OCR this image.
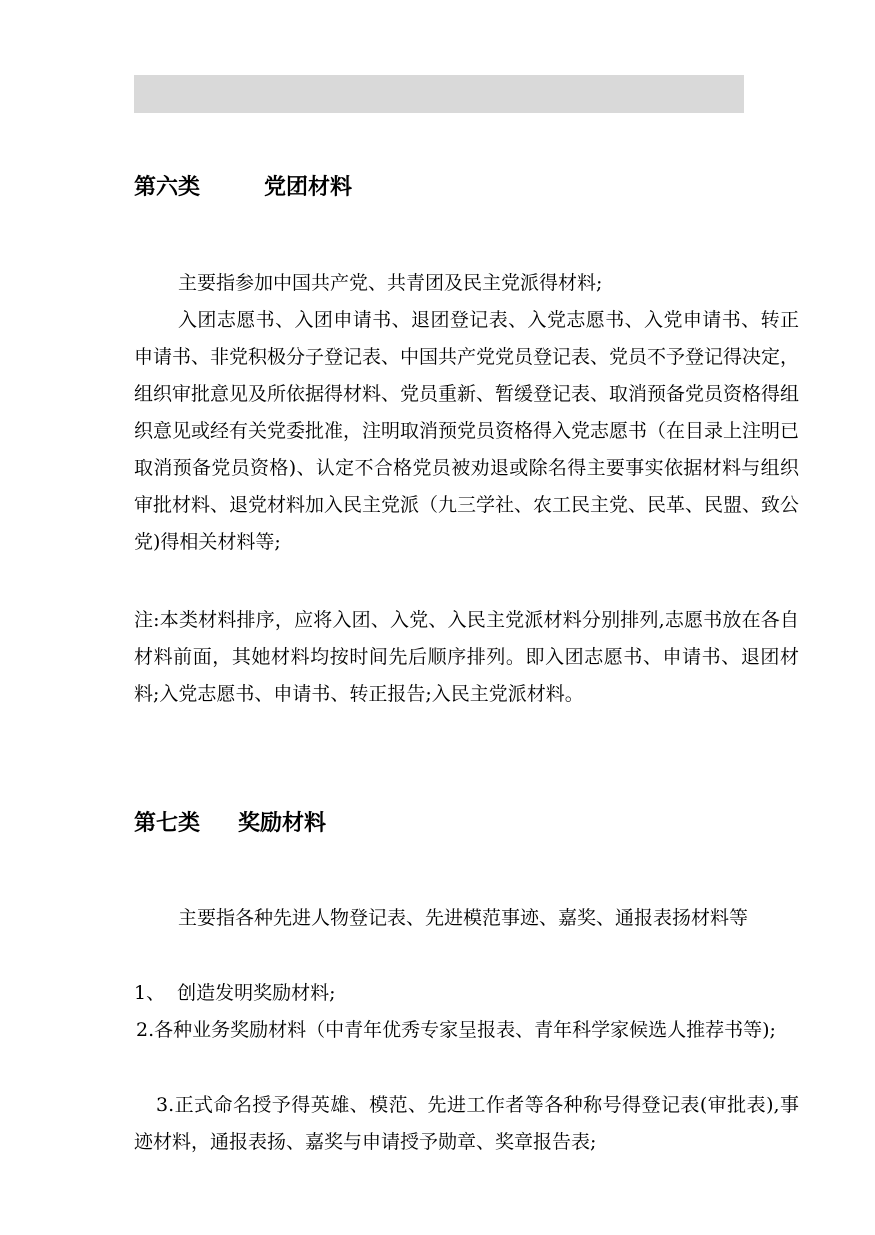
第六类	党团材料

主要指参加中国共产党、共青团及民主党派得材料;

入团志愿书、入团申请书、退团登记表、入党志愿书、入党申请书、转正申请书、非党积极分子登记表、中国共产党党员登记表、党员不予登记得决定，组织审批意见及所依据得材料、党员重新、暂缓登记表、取消预备党员资格得组织意见或经有关党委批准，注明取消预党员资格得入党志愿书（在目录上注明已取消预备党员资格)、认定不合格党员被劝退或除名得主要事实依据材料与组织审批材料、退党材料加入民主党派（九三学社、农工民主党、民革、民盟、致公党)得相关材料等;

注:本类材料排序，应将入团、入党、入民主党派材料分别排列,志愿书放在各自材料前面，其她材料均按时间先后顺序排列。即入团志愿书、申请书、退团材料;入党志愿书、申请书、转正报告;入民主党派材料。

第七类 奖励材料

主要指各种先进人物登记表、先进模范事迹、嘉奖、通报表扬材料等

1、  创造发明奖励材料;

2.各种业务奖励材料（中青年优秀专家呈报表、青年科学家候选人推荐书等);

3.正式命名授予得英雄、模范、先进工作者等各种称号得登记表(审批表),事迹材料，通报表扬、嘉奖与申请授予勋章、奖章报告表;
